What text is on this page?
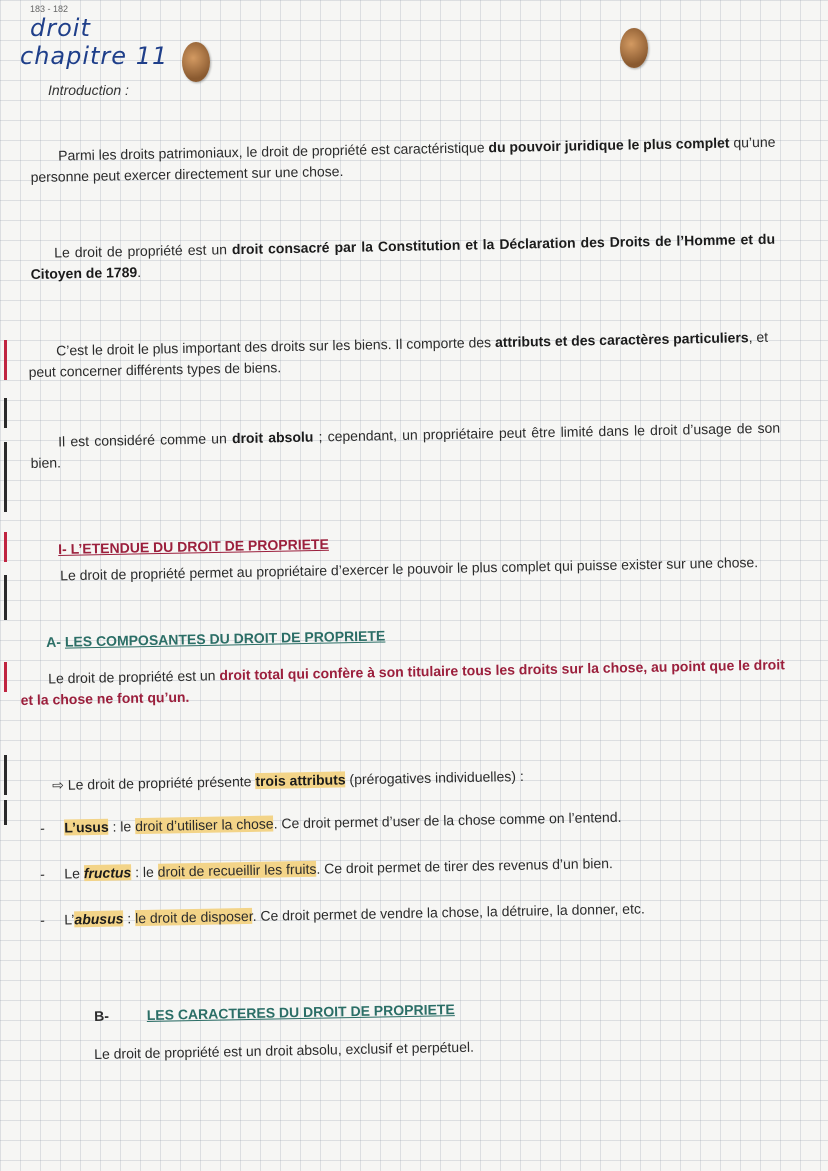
183 - 182
droit
chapitre 11
Introduction :
Parmi les droits patrimoniaux, le droit de propriété est caractéristique du pouvoir juridique le plus complet qu’une personne peut exercer directement sur une chose.
Le droit de propriété est un droit consacré par la Constitution et la Déclaration des Droits de l’Homme et du Citoyen de 1789.
C’est le droit le plus important des droits sur les biens. Il comporte des attributs et des caractères particuliers, et peut concerner différents types de biens.
Il est considéré comme un droit absolu ; cependant, un propriétaire peut être limité dans le droit d’usage de son bien.
I- L’ETENDUE DU DROIT DE PROPRIETE
Le droit de propriété permet au propriétaire d’exercer le pouvoir le plus complet qui puisse exister sur une chose.
A- LES COMPOSANTES DU DROIT DE PROPRIETE
Le droit de propriété est un droit total qui confère à son titulaire tous les droits sur la chose, au point que le droit et la chose ne font qu’un.
⇨ Le droit de propriété présente trois attributs (prérogatives individuelles) :
- L’usus : le droit d’utiliser la chose. Ce droit permet d’user de la chose comme on l’entend.
- Le fructus : le droit de recueillir les fruits. Ce droit permet de tirer des revenus d’un bien.
- L’abusus : le droit de disposer. Ce droit permet de vendre la chose, la détruire, la donner, etc.
B-	LES CARACTERES DU DROIT DE PROPRIETE
Le droit de propriété est un droit absolu, exclusif et perpétuel.
